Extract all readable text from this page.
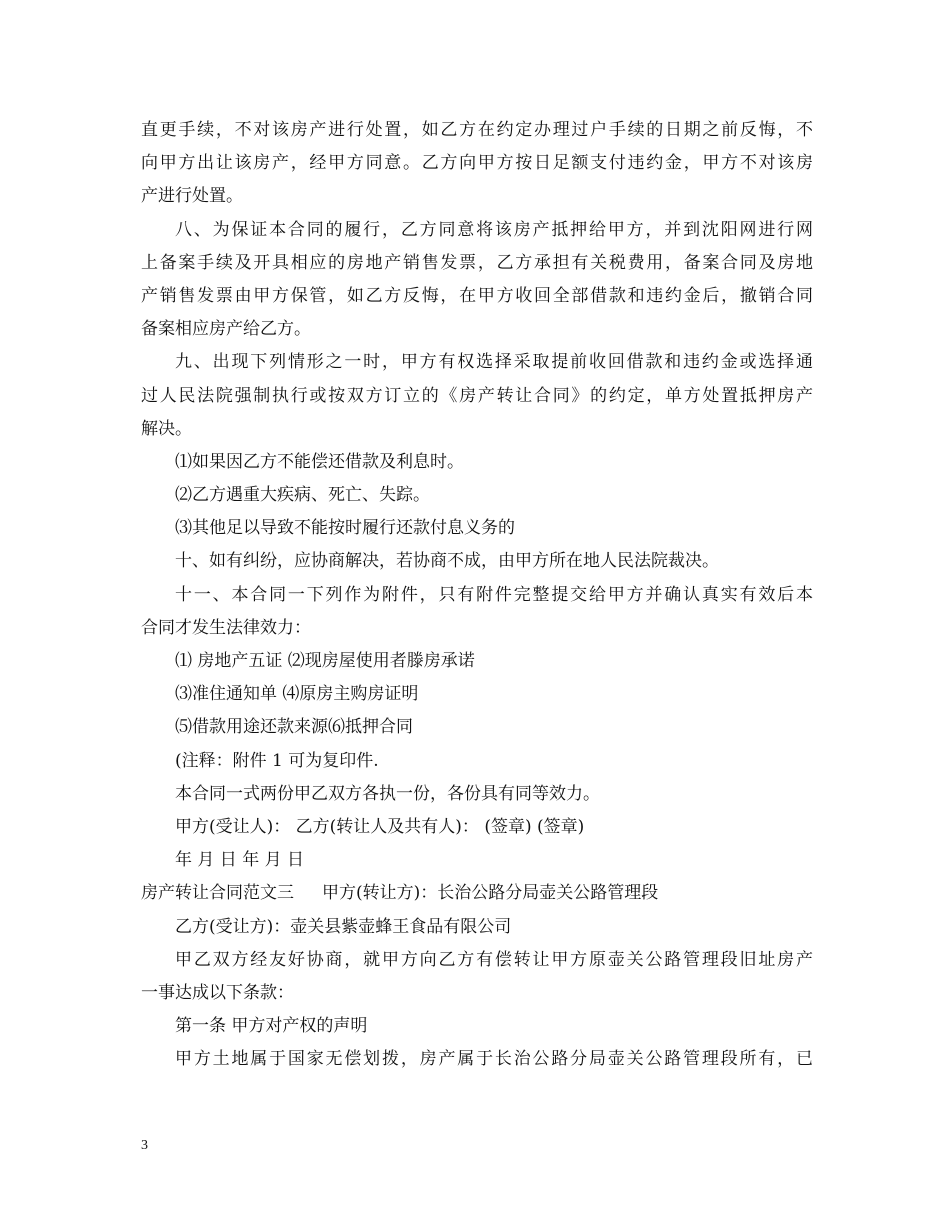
直更手续，不对该房产进行处置，如乙方在约定办理过户手续的日期之前反悔，不
向甲方出让该房产，经甲方同意。乙方向甲方按日足额支付违约金，甲方不对该房
产进行处置。
八、为保证本合同的履行，乙方同意将该房产抵押给甲方，并到沈阳网进行网
上备案手续及开具相应的房地产销售发票，乙方承担有关税费用，备案合同及房地
产销售发票由甲方保管，如乙方反悔，在甲方收回全部借款和违约金后，撤销合同
备案相应房产给乙方。
九、出现下列情形之一时，甲方有权选择采取提前收回借款和违约金或选择通
过人民法院强制执行或按双方订立的《房产转让合同》的约定，单方处置抵押房产
解决。
⑴如果因乙方不能偿还借款及利息时。
⑵乙方遇重大疾病、死亡、失踪。
⑶其他足以导致不能按时履行还款付息义务的
十、如有纠纷，应协商解决，若协商不成，由甲方所在地人民法院裁决。
十一、本合同一下列作为附件，只有附件完整提交给甲方并确认真实有效后本
合同才发生法律效力：
⑴ 房地产五证 ⑵现房屋使用者滕房承诺
⑶准住通知单 ⑷原房主购房证明
⑸借款用途还款来源⑹抵押合同
(注释：附件 1 可为复印件.
本合同一式两份甲乙双方各执一份，各份具有同等效力。
甲方(受让人)： 乙方(转让人及共有人)： (签章) (签章)
年 月 日 年 月 日
房产转让合同范文三 甲方(转让方)：长治公路分局壶关公路管理段
乙方(受让方)：壶关县紫壶蜂王食品有限公司
甲乙双方经友好协商，就甲方向乙方有偿转让甲方原壶关公路管理段旧址房产
一事达成以下条款：
第一条 甲方对产权的声明
甲方土地属于国家无偿划拨，房产属于长治公路分局壶关公路管理段所有，已
3
